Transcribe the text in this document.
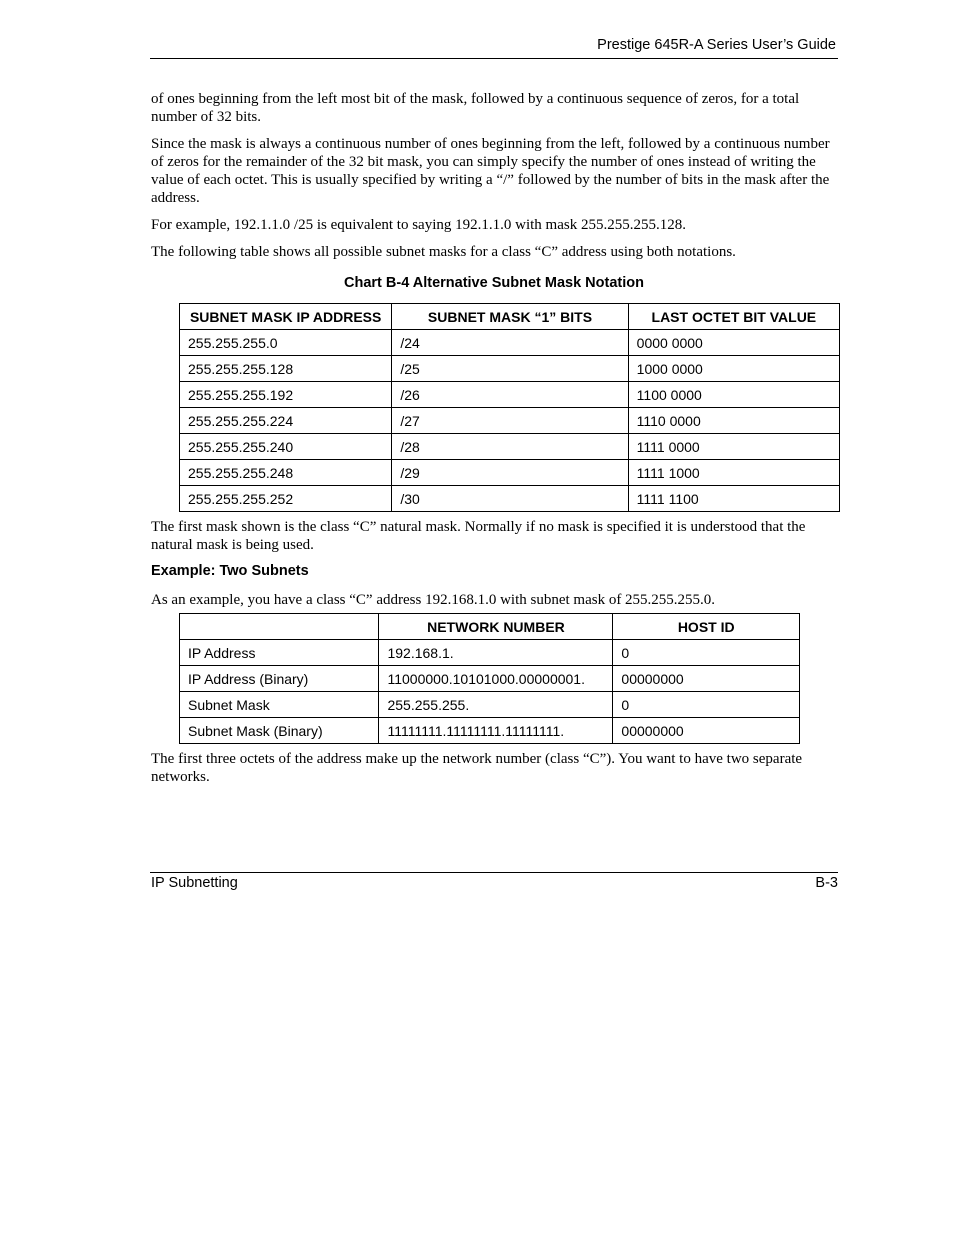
Prestige 645R-A Series User’s Guide

of ones beginning from the left most bit of the mask, followed by a continuous sequence of zeros, for a total number of 32 bits.

Since the mask is always a continuous number of ones beginning from the left, followed by a continuous number of zeros for the remainder of the 32 bit mask, you can simply specify the number of ones instead of writing the value of each octet. This is usually specified by writing a “/” followed by the number of bits in the mask after the address.

For example, 192.1.1.0 /25 is equivalent to saying 192.1.1.0 with mask 255.255.255.128.

The following table shows all possible subnet masks for a class “C” address using both notations.

Chart B-4 Alternative Subnet Mask Notation
SUBNET MASK IP ADDRESS	SUBNET MASK “1” BITS	LAST OCTET BIT VALUE
255.255.255.0	/24	0000 0000
255.255.255.128	/25	1000 0000
255.255.255.192	/26	1100 0000
255.255.255.224	/27	1110 0000
255.255.255.240	/28	1111 0000
255.255.255.248	/29	1111 1000
255.255.255.252	/30	1111 1100

The first mask shown is the class “C” natural mask. Normally if no mask is specified it is understood that the natural mask is being used.

Example: Two Subnets

As an example, you have a class “C” address 192.168.1.0 with subnet mask of 255.255.255.0.

	NETWORK NUMBER	HOST ID
IP Address	192.168.1.	0
IP Address (Binary)	11000000.10101000.00000001.	00000000
Subnet Mask	255.255.255.	0
Subnet Mask (Binary)	11111111.11111111.11111111.	00000000

The first three octets of the address make up the network number (class “C”). You want to have two separate networks.

IP Subnetting	B-3
